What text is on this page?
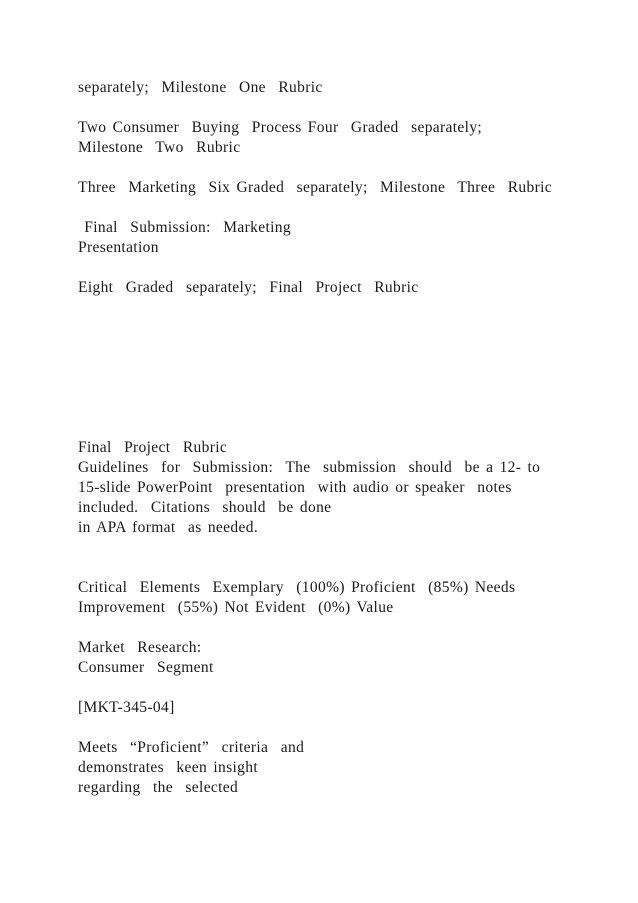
separately;  Milestone  One  Rubric

Two Consumer  Buying  Process Four  Graded  separately;

Milestone  Two  Rubric

Three  Marketing  Six Graded  separately;  Milestone  Three  Rubric

Final  Submission:  Marketing

Presentation

Eight  Graded  separately;  Final  Project  Rubric

Final  Project  Rubric

Guidelines  for  Submission:  The  submission  should  be a 12- to

15-slide PowerPoint  presentation  with audio or speaker  notes

included.  Citations  should  be done

in APA format  as needed.

Critical  Elements  Exemplary  (100%) Proficient  (85%) Needs

Improvement  (55%) Not Evident  (0%) Value

Market  Research:

Consumer  Segment

[MKT-345-04]

Meets  “Proficient”  criteria  and

demonstrates  keen insight

regarding  the  selected
